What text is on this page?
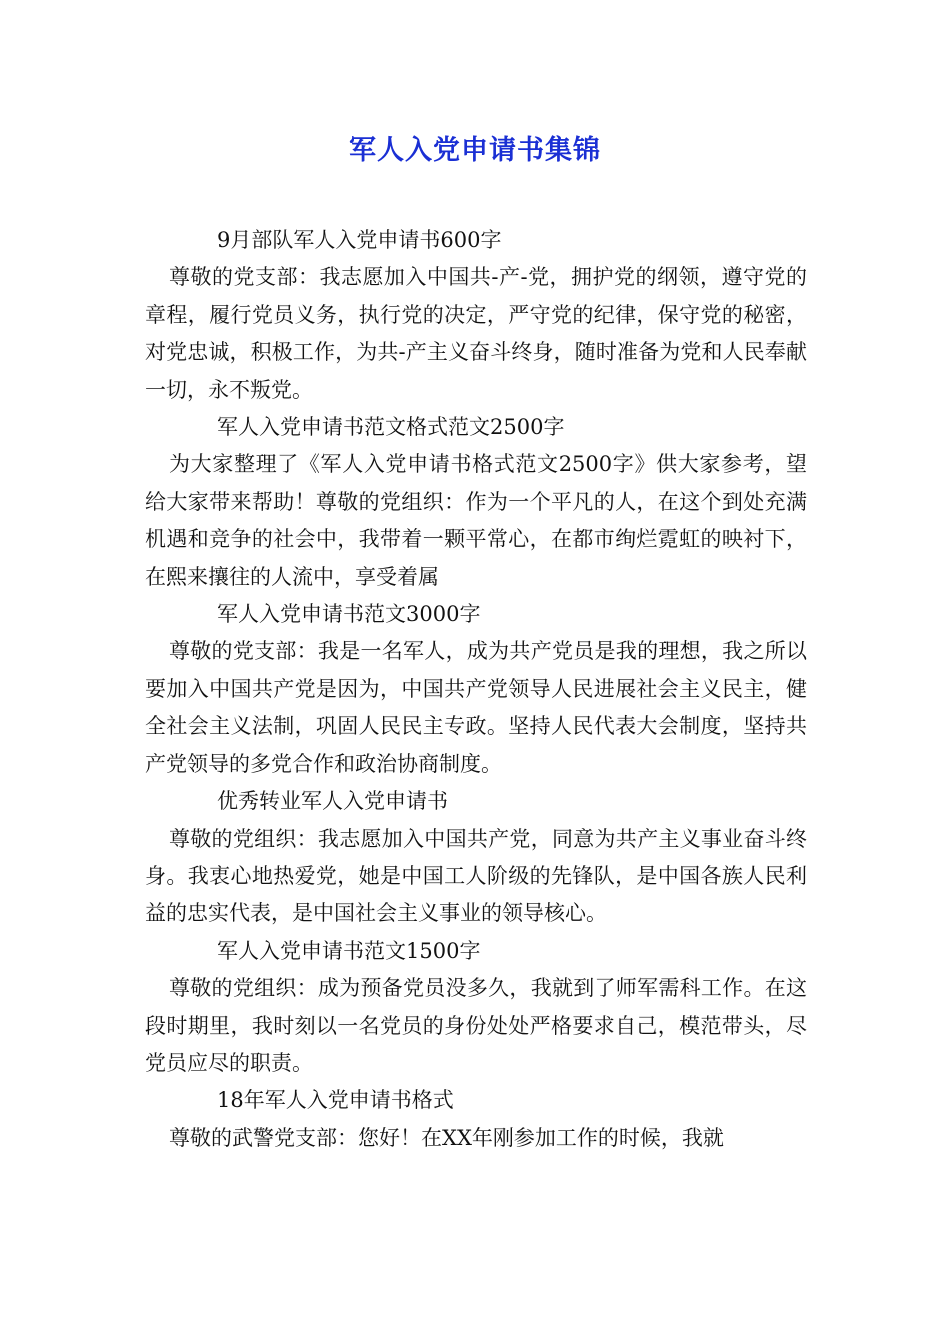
军人入党申请书集锦

9月部队军人入党申请书600字

尊敬的党支部：我志愿加入中国共-产-党，拥护党的纲领，遵守党的章程，履行党员义务，执行党的决定，严守党的纪律，保守党的秘密，对党忠诚，积极工作，为共-产主义奋斗终身，随时准备为党和人民奉献一切，永不叛党。

军人入党申请书范文格式范文2500字

为大家整理了《军人入党申请书格式范文2500字》供大家参考，望给大家带来帮助！尊敬的党组织：作为一个平凡的人，在这个到处充满机遇和竞争的社会中，我带着一颗平常心，在都市绚烂霓虹的映衬下，在熙来攘往的人流中，享受着属

军人入党申请书范文3000字

尊敬的党支部：我是一名军人，成为共产党员是我的理想，我之所以要加入中国共产党是因为，中国共产党领导人民进展社会主义民主，健全社会主义法制，巩固人民民主专政。坚持人民代表大会制度，坚持共产党领导的多党合作和政治协商制度。

优秀转业军人入党申请书

尊敬的党组织：我志愿加入中国共产党，同意为共产主义事业奋斗终身。我衷心地热爱党，她是中国工人阶级的先锋队，是中国各族人民利益的忠实代表，是中国社会主义事业的领导核心。

军人入党申请书范文1500字

尊敬的党组织：成为预备党员没多久，我就到了师军需科工作。在这段时期里，我时刻以一名党员的身份处处严格要求自己，模范带头，尽党员应尽的职责。

18年军人入党申请书格式

尊敬的武警党支部：您好！在XX年刚参加工作的时候，我就
